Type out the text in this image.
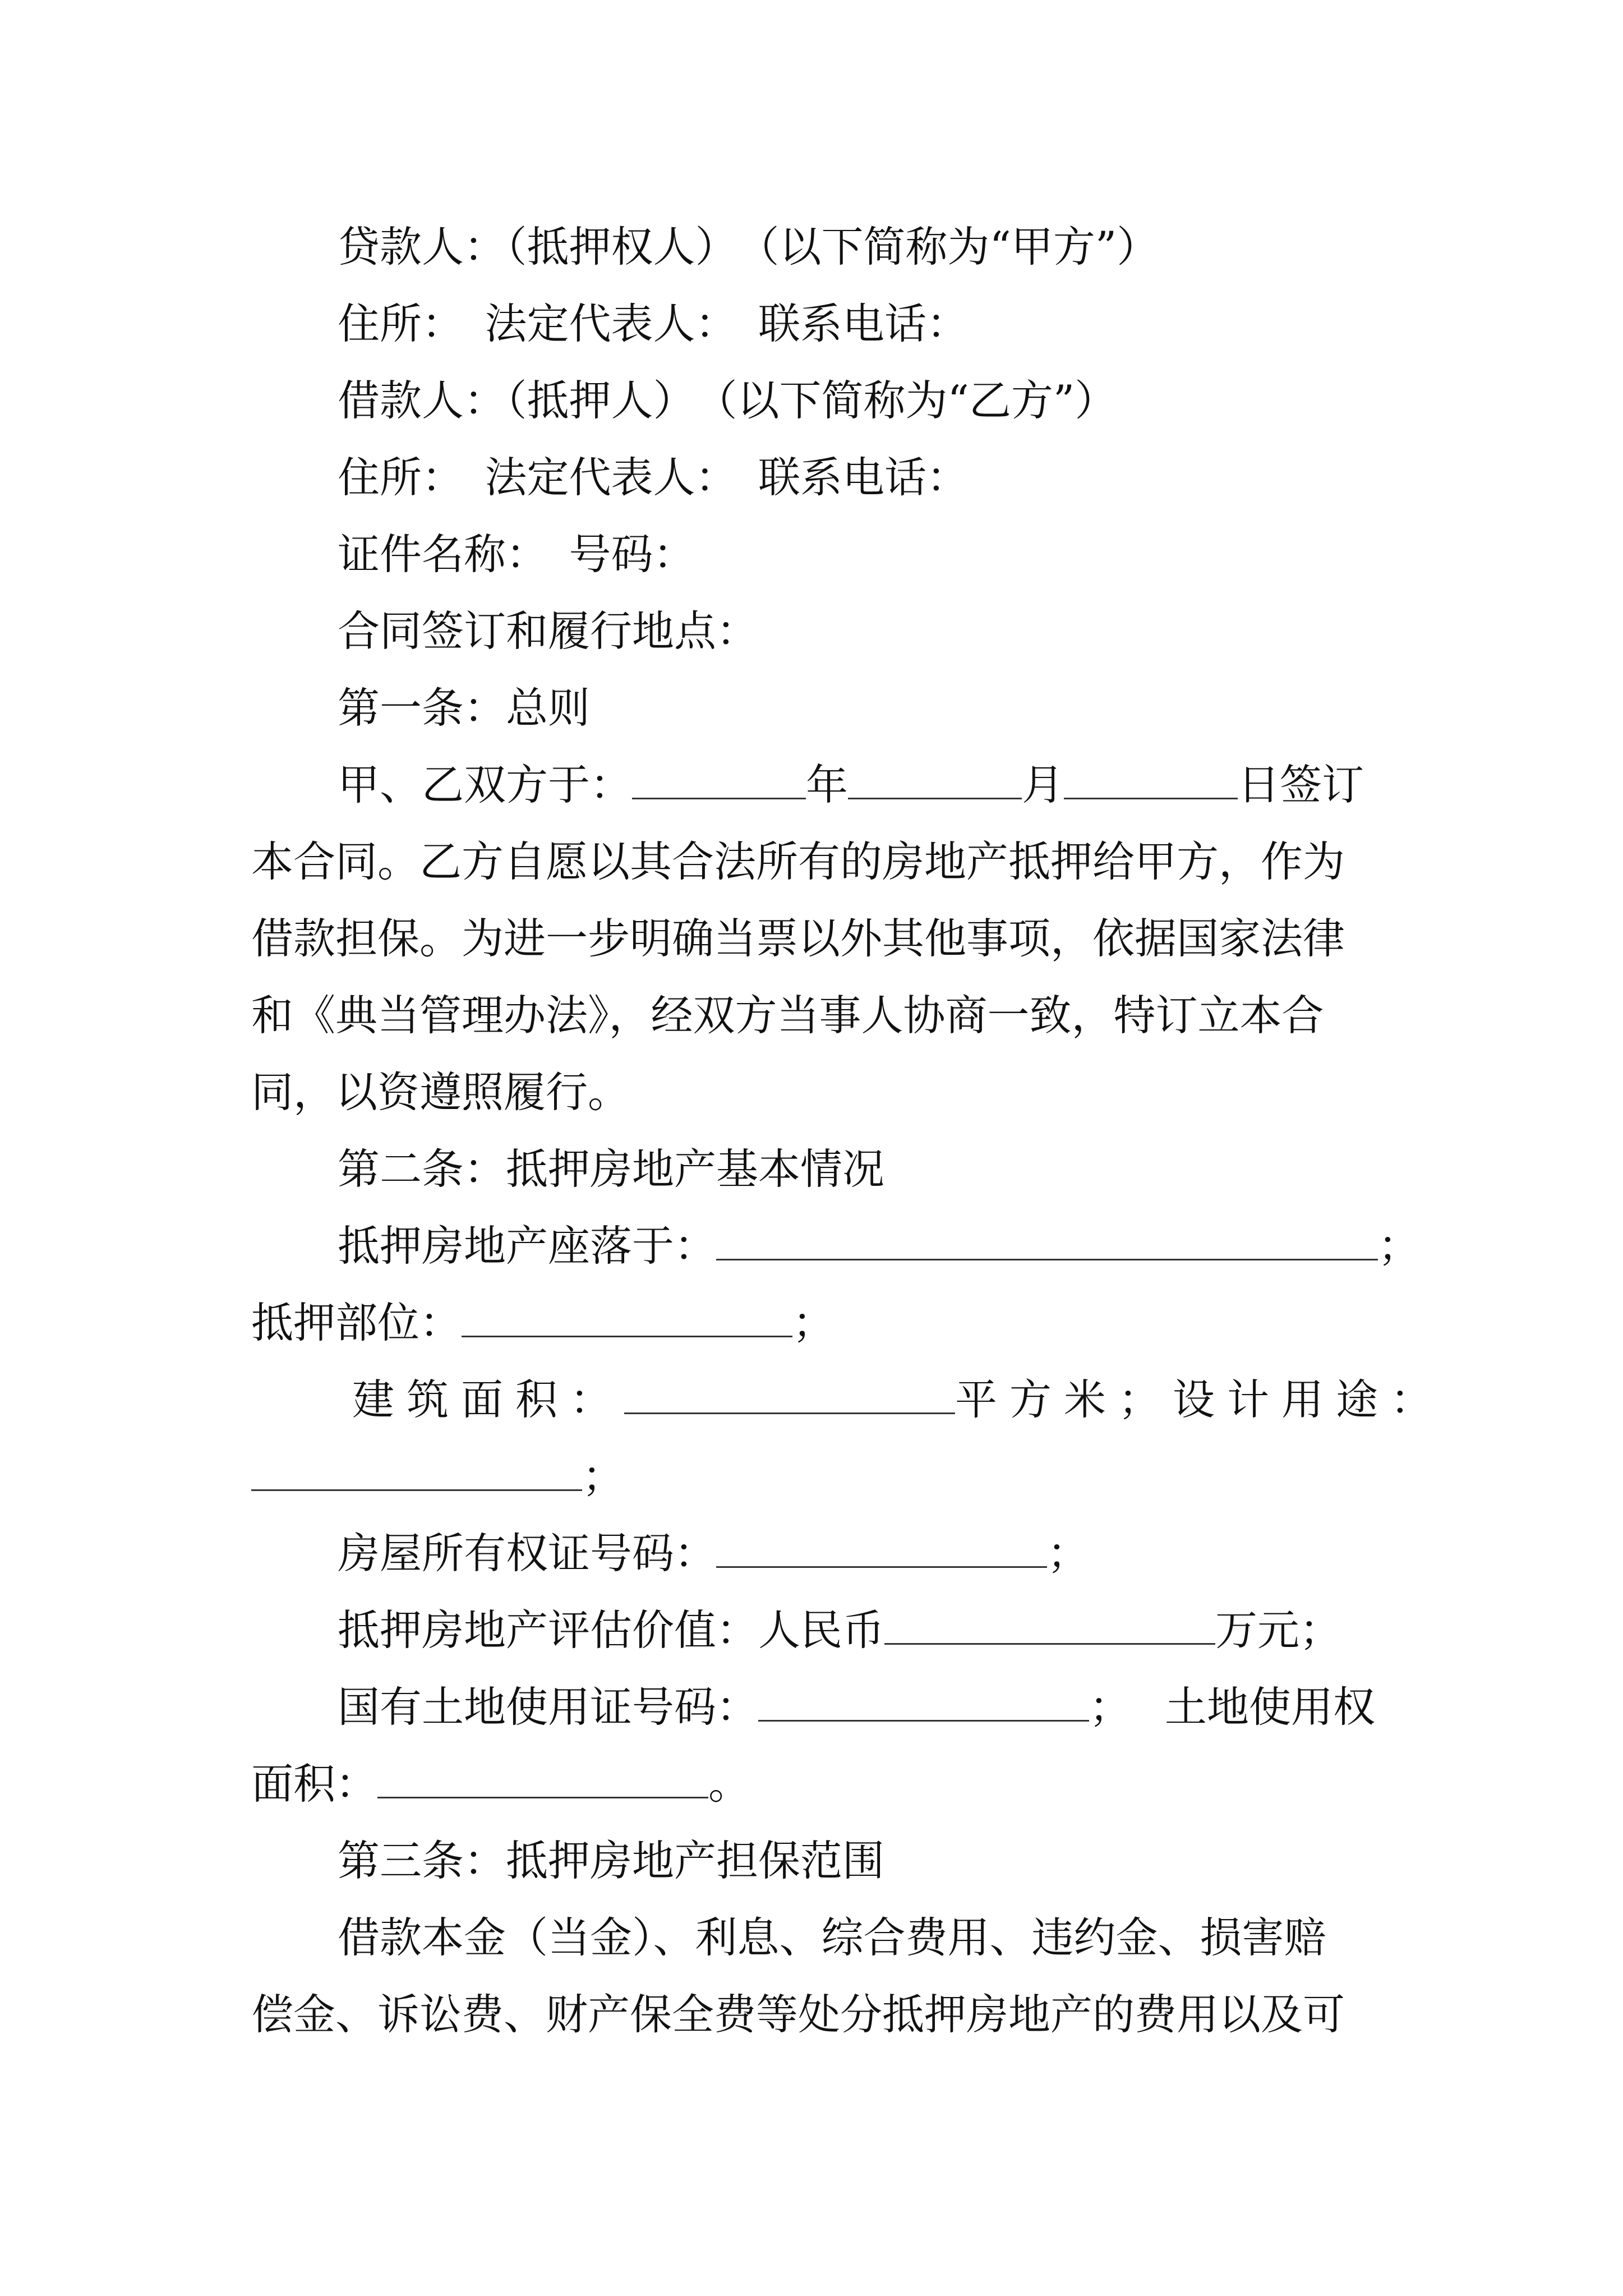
贷款人：（抵押权人）　（以下简称为“甲方”）
住所：　法定代表人：　联系电话：
借款人：（抵押人）　（以下简称为“乙方”）
住所：　法定代表人：　联系电话：
证件名称：　号码：
合同签订和履行地点：
第一条：总则
甲、乙双方于：	年	月	日签订
本合同。乙方自愿以其合法所有的房地产抵押给甲方，作为
借款担保。为进一步明确当票以外其他事项，依据国家法律
和《典当管理办法》，经双方当事人协商一致，特订立本合
同，以资遵照履行。
第二条：抵押房地产基本情况
抵押房地产座落于：	；
抵押部位：	；
建筑面积：	平方米；设计用途：
；
房屋所有权证号码：	；
抵押房地产评估价值：人民币	万元；
国有土地使用证号码：	； 土地使用权
面积：	。
第三条：抵押房地产担保范围
借款本金（当金）、利息、综合费用、违约金、损害赔
偿金、诉讼费、财产保全费等处分抵押房地产的费用以及可
